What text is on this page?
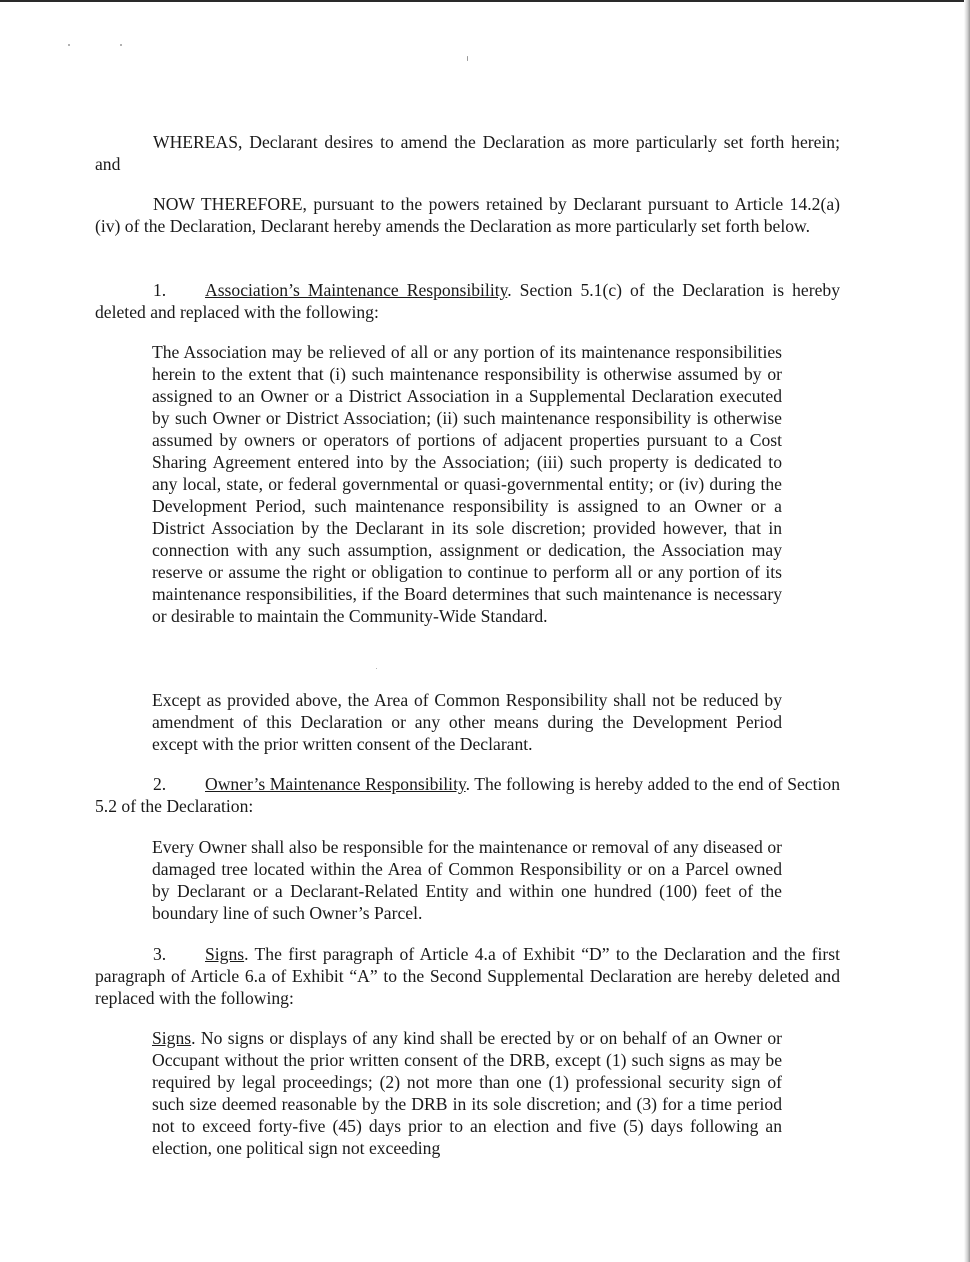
WHEREAS, Declarant desires to amend the Declaration as more particularly set forth herein; and

NOW THEREFORE, pursuant to the powers retained by Declarant pursuant to Article 14.2(a)(iv) of the Declaration, Declarant hereby amends the Declaration as more particularly set forth below.

1. Association’s Maintenance Responsibility. Section 5.1(c) of the Declaration is hereby deleted and replaced with the following:

The Association may be relieved of all or any portion of its maintenance responsibilities herein to the extent that (i) such maintenance responsibility is otherwise assumed by or assigned to an Owner or a District Association in a Supplemental Declaration executed by such Owner or District Association; (ii) such maintenance responsibility is otherwise assumed by owners or operators of portions of adjacent properties pursuant to a Cost Sharing Agreement entered into by the Association; (iii) such property is dedicated to any local, state, or federal governmental or quasi-governmental entity; or (iv) during the Development Period, such maintenance responsibility is assigned to an Owner or a District Association by the Declarant in its sole discretion; provided however, that in connection with any such assumption, assignment or dedication, the Association may reserve or assume the right or obligation to continue to perform all or any portion of its maintenance responsibilities, if the Board determines that such maintenance is necessary or desirable to maintain the Community-Wide Standard.

Except as provided above, the Area of Common Responsibility shall not be reduced by amendment of this Declaration or any other means during the Development Period except with the prior written consent of the Declarant.

2. Owner’s Maintenance Responsibility. The following is hereby added to the end of Section 5.2 of the Declaration:

Every Owner shall also be responsible for the maintenance or removal of any diseased or damaged tree located within the Area of Common Responsibility or on a Parcel owned by Declarant or a Declarant-Related Entity and within one hundred (100) feet of the boundary line of such Owner’s Parcel.

3. Signs. The first paragraph of Article 4.a of Exhibit “D” to the Declaration and the first paragraph of Article 6.a of Exhibit “A” to the Second Supplemental Declaration are hereby deleted and replaced with the following:

Signs. No signs or displays of any kind shall be erected by or on behalf of an Owner or Occupant without the prior written consent of the DRB, except (1) such signs as may be required by legal proceedings; (2) not more than one (1) professional security sign of such size deemed reasonable by the DRB in its sole discretion; and (3) for a time period not to exceed forty-five (45) days prior to an election and five (5) days following an election, one political sign not exceeding
